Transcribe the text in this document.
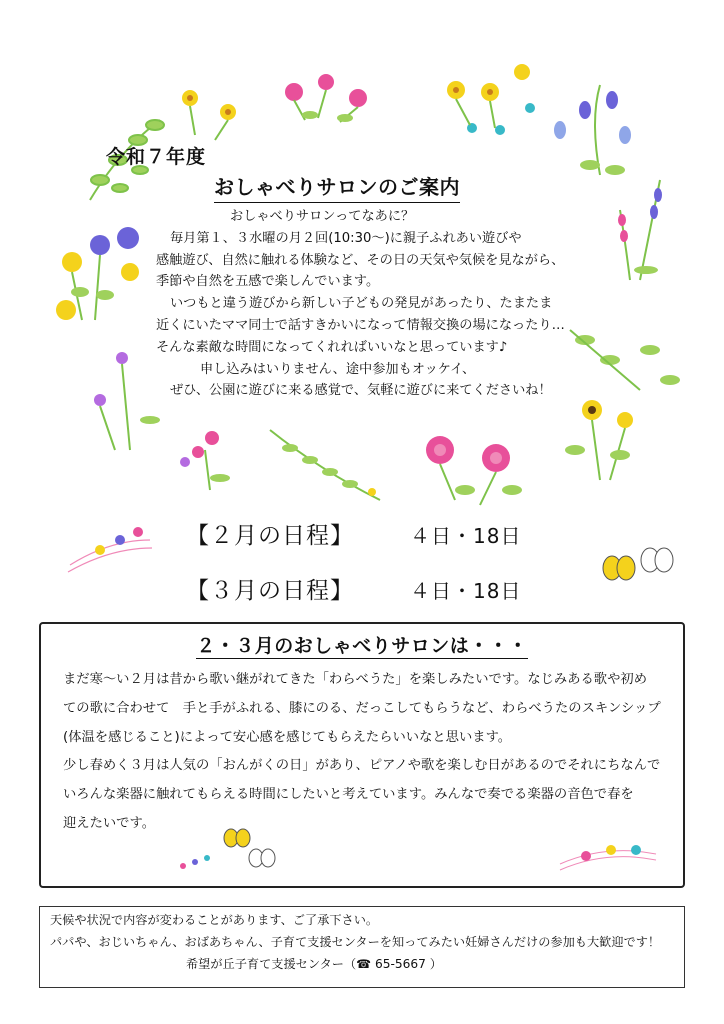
令和７年度
おしゃべりサロンのご案内
おしゃべりサロンってなあに？
毎月第１、３水曜の月２回(10:30～)に親子ふれあい遊びや
感触遊び、自然に触れる体験など、その日の天気や気候を見ながら、
季節や自然を五感で楽しんでいます。
いつもと違う遊びから新しい子どもの発見があったり、たまたま
近くにいたママ同士で話すきかいになって情報交換の場になったり…
そんな素敵な時間になってくれればいいなと思っています♪
申し込みはいりません、途中参加もオッケイ、
ぜひ、公園に遊びに来る感覚で、気軽に遊びに来てくださいね！
【２月の日程】	４日・18日
【３月の日程】	４日・18日
２・３月のおしゃべりサロンは・・・
まだ寒～い２月は昔から歌い継がれてきた「わらべうた」を楽しみたいです。なじみある歌や初め
ての歌に合わせて　手と手がふれる、膝にのる、だっこしてもらうなど、わらべうたのスキンシップ
(体温を感じること)によって安心感を感じてもらえたらいいなと思います。
少し春めく３月は人気の「おんがくの日」があり、ピアノや歌を楽しむ日があるのでそれにちなんで
いろんな楽器に触れてもらえる時間にしたいと考えています。みんなで奏でる楽器の音色で春を
迎えたいです。
天候や状況で内容が変わることがあります、ご了承下さい。
パパや、おじいちゃん、おばあちゃん、子育て支援センターを知ってみたい妊婦さんだけの参加も大歓迎です！
希望が丘子育て支援センター（☎ 65-5667 ）
